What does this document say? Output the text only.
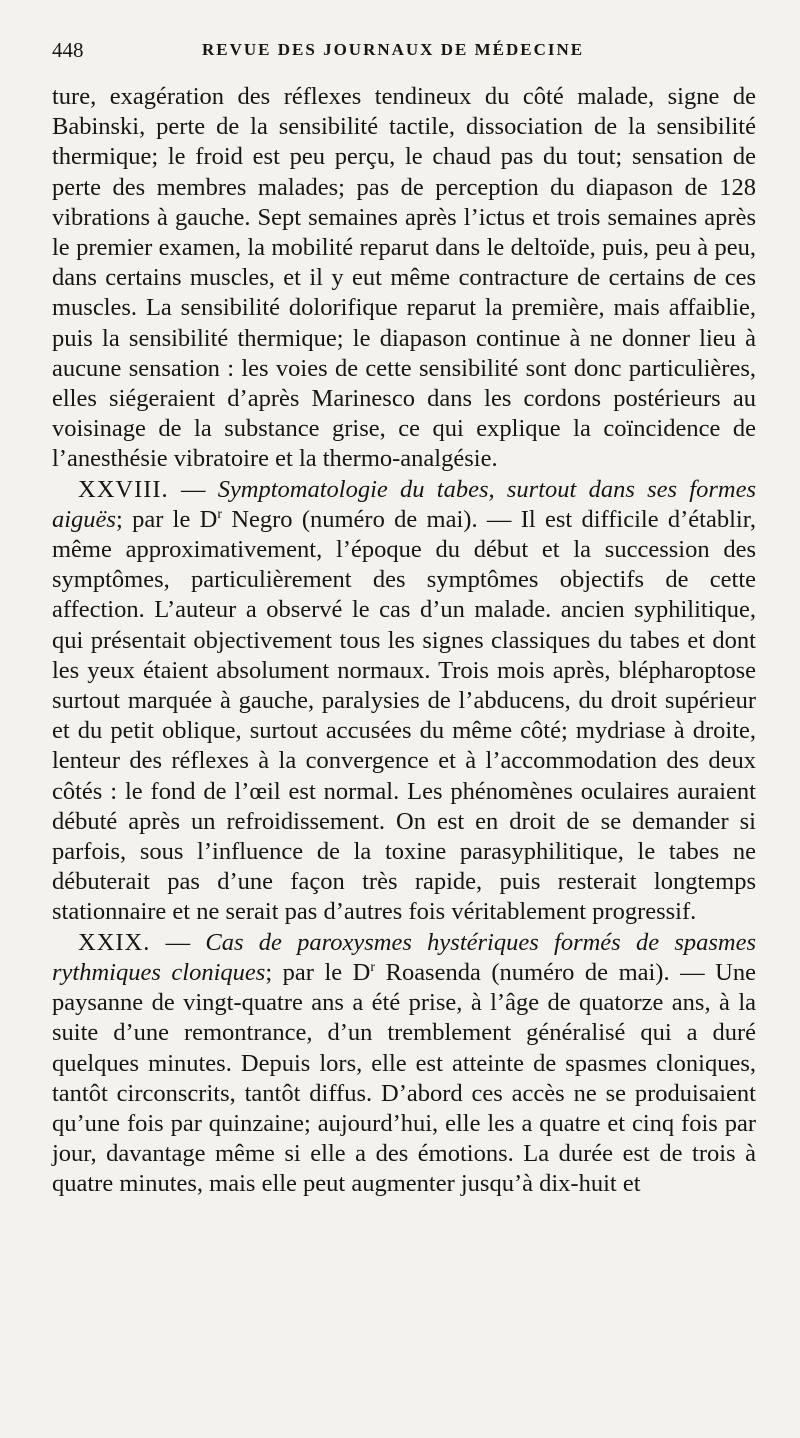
448	REVUE DES JOURNAUX DE MÉDECINE

ture, exagération des réflexes tendineux du côté malade, signe de Babinski, perte de la sensibilité tactile, dissociation de la sensibilité thermique; le froid est peu perçu, le chaud pas du tout; sensation de perte des membres malades; pas de perception du diapason de 128 vibrations à gauche. Sept semaines après l’ictus et trois semaines après le premier examen, la mobilité reparut dans le deltoïde, puis, peu à peu, dans certains muscles, et il y eut même contracture de certains de ces muscles. La sensibilité dolorifique reparut la première, mais affaiblie, puis la sensibilité thermique; le diapason continue à ne donner lieu à aucune sensation : les voies de cette sensibilité sont donc particulières, elles siégeraient d’après Marinesco dans les cordons postérieurs au voisinage de la substance grise, ce qui explique la coïncidence de l’anesthésie vibratoire et la thermo-analgésie.

XXVIII. — Symptomatologie du tabes, surtout dans ses formes aiguës; par le $D^r$ Negro (numéro de mai). — Il est difficile d’établir, même approximativement, l’époque du début et la succession des symptômes, particulièrement des symptômes objectifs de cette affection. L’auteur a observé le cas d’un malade. ancien syphilitique, qui présentait objectivement tous les signes classiques du tabes et dont les yeux étaient absolument normaux. Trois mois après, blépharoptose surtout marquée à gauche, paralysies de l’abducens, du droit supérieur et du petit oblique, surtout accusées du même côté; mydriase à droite, lenteur des réflexes à la convergence et à l’accommodation des deux côtés : le fond de l’œil est normal. Les phénomènes oculaires auraient débuté après un refroidissement. On est en droit de se demander si parfois, sous l’influence de la toxine parasyphilitique, le tabes ne débuterait pas d’une façon très rapide, puis resterait longtemps stationnaire et ne serait pas d’autres fois véritablement progressif.

XXIX. — Cas de paroxysmes hystériques formés de spasmes rythmiques cloniques; par le $D^r$ Roasenda (numéro de mai). — Une paysanne de vingt-quatre ans a été prise, à l’âge de quatorze ans, à la suite d’une remontrance, d’un tremblement généralisé qui a duré quelques minutes. Depuis lors, elle est atteinte de spasmes cloniques, tantôt circonscrits, tantôt diffus. D’abord ces accès ne se produisaient qu’une fois par quinzaine; aujourd’hui, elle les a quatre et cinq fois par jour, davantage même si elle a des émotions. La durée est de trois à quatre minutes, mais elle peut augmenter jusqu’à dix-huit et
